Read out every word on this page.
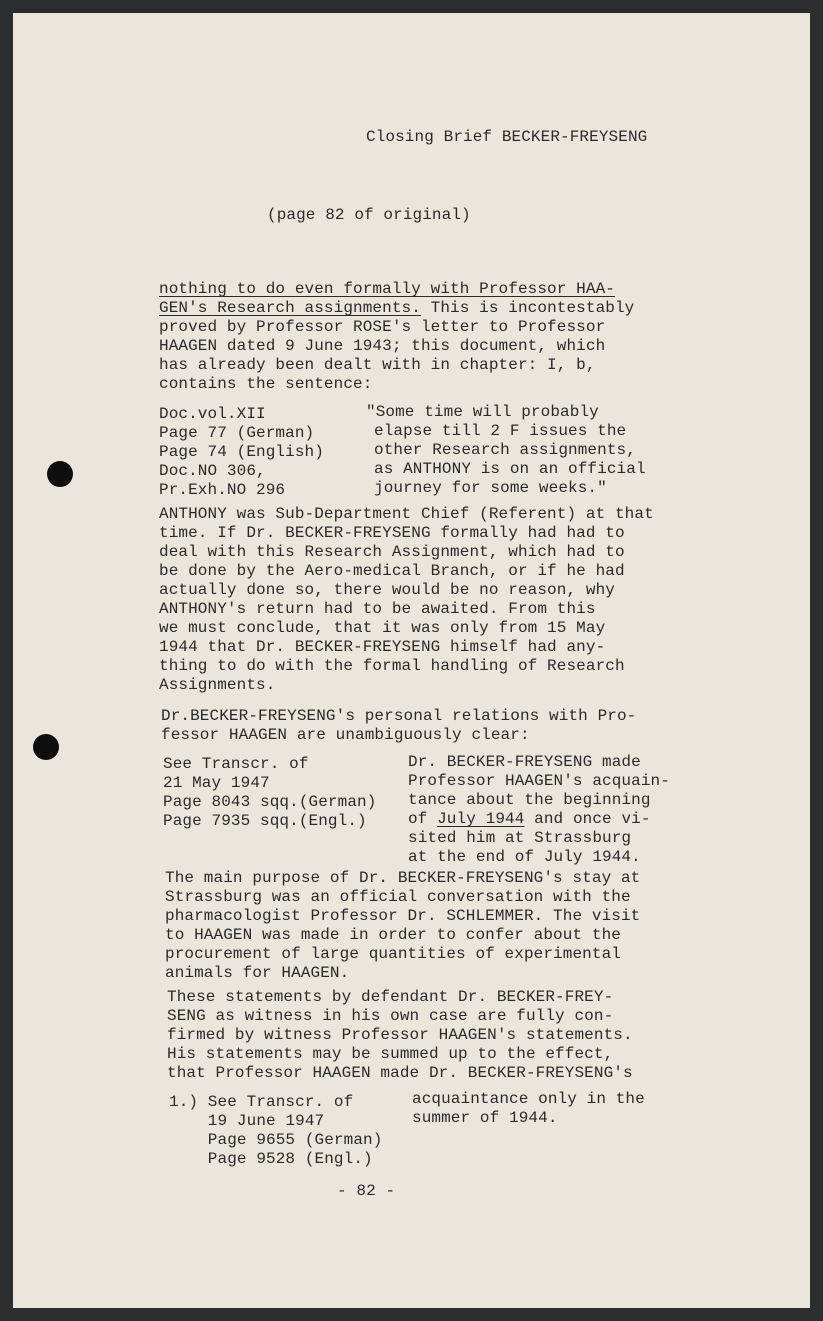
Closing Brief BECKER-FREYSENG
(page 82 of original)
nothing to do even formally with Professor HAA-
GEN's Research assignments. This is incontestably
proved by Professor ROSE's letter to Professor
HAAGEN dated 9 June 1943; this document, which
has already been dealt with in chapter: I, b,
contains the sentence:
Doc.vol.XII
Page 77 (German)
Page 74 (English)
Doc.NO 306,
Pr.Exh.NO 296
"Some time will probably
elapse till 2 F issues the
other Research assignments,
as ANTHONY is on an official
journey for some weeks."
ANTHONY was Sub-Department Chief (Referent) at that
time. If Dr. BECKER-FREYSENG formally had had to
deal with this Research Assignment, which had to
be done by the Aero-medical Branch, or if he had
actually done so, there would be no reason, why
ANTHONY's return had to be awaited. From this
we must conclude, that it was only from 15 May
1944 that Dr. BECKER-FREYSENG himself had any-
thing to do with the formal handling of Research
Assignments.
Dr.BECKER-FREYSENG's personal relations with Pro-
fessor HAAGEN are unambiguously clear:
See Transcr. of
21 May 1947
Page 8043 sqq.(German)
Page 7935 sqq.(Engl.)
Dr. BECKER-FREYSENG made
Professor HAAGEN's acquain-
tance about the beginning
of July 1944 and once vi-
sited him at Strassburg
at the end of July 1944.
The main purpose of Dr. BECKER-FREYSENG's stay at
Strassburg was an official conversation with the
pharmacologist Professor Dr. SCHLEMMER. The visit
to HAAGEN was made in order to confer about the
procurement of large quantities of experimental
animals for HAAGEN.
These statements by defendant Dr. BECKER-FREY-
SENG as witness in his own case are fully con-
firmed by witness Professor HAAGEN's statements.
His statements may be summed up to the effect,
that Professor HAAGEN made Dr. BECKER-FREYSENG's
1.) See Transcr. of
19 June 1947
Page 9655 (German)
Page 9528 (Engl.)
acquaintance only in the
summer of 1944.
- 82 -
